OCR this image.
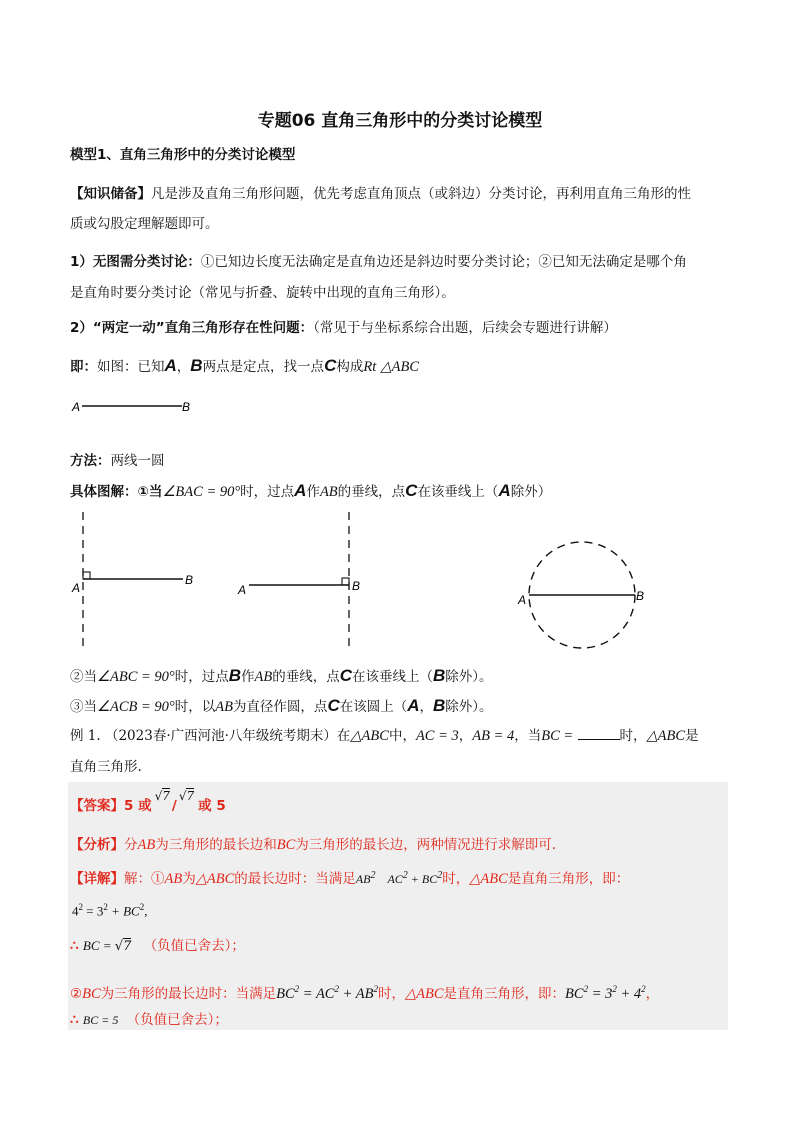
专题06 直角三角形中的分类讨论模型
模型1、直角三角形中的分类讨论模型
【知识储备】凡是涉及直角三角形问题，优先考虑直角顶点（或斜边）分类讨论，再利用直角三角形的性
质或勾股定理解题即可。
1）无图需分类讨论：①已知边长度无法确定是直角边还是斜边时要分类讨论；②已知无法确定是哪个角
是直角时要分类讨论（常见与折叠、旋转中出现的直角三角形）。
2）“两定一动”直角三角形存在性问题：（常见于与坐标系综合出题，后续会专题进行讲解）
即：如图：已知A，B两点是定点，找一点C构成Rt △ABC
A	B
方法：两线一圆
具体图解：①当∠BAC = 90°时，过点A作AB的垂线，点C在该垂线上（A除外）
A
B
A	B
A	B
②当∠ABC = 90°时，过点B作AB的垂线，点C在该垂线上（B除外）。
③当∠ACB = 90°时，以AB为直径作圆，点C在该圆上（A，B除外）。
例 1. （2023春·广西河池·八年级统考期末）在△ABC中，AC = 3，AB = 4，当BC =	时，△ABC是
直角三角形.
【答案】5 或√7/√7或 5
【分析】分AB为三角形的最长边和BC为三角形的最长边，两种情况进行求解即可.
【详解】解：①AB为△ABC的最长边时：当满足$AB^2$ $AC^2 + BC^2$时，△ABC是直角三角形，即：
$4^2 = 3^2 + BC^2$,
∴ BC = √7 （负值已舍去）；
②BC为三角形的最长边时：当满足$BC^2 = AC^2 + AB^2$时，△ABC是直角三角形，即：$BC^2 = 3^2 + 4^2$，
∴ BC = 5 （负值已舍去）；
